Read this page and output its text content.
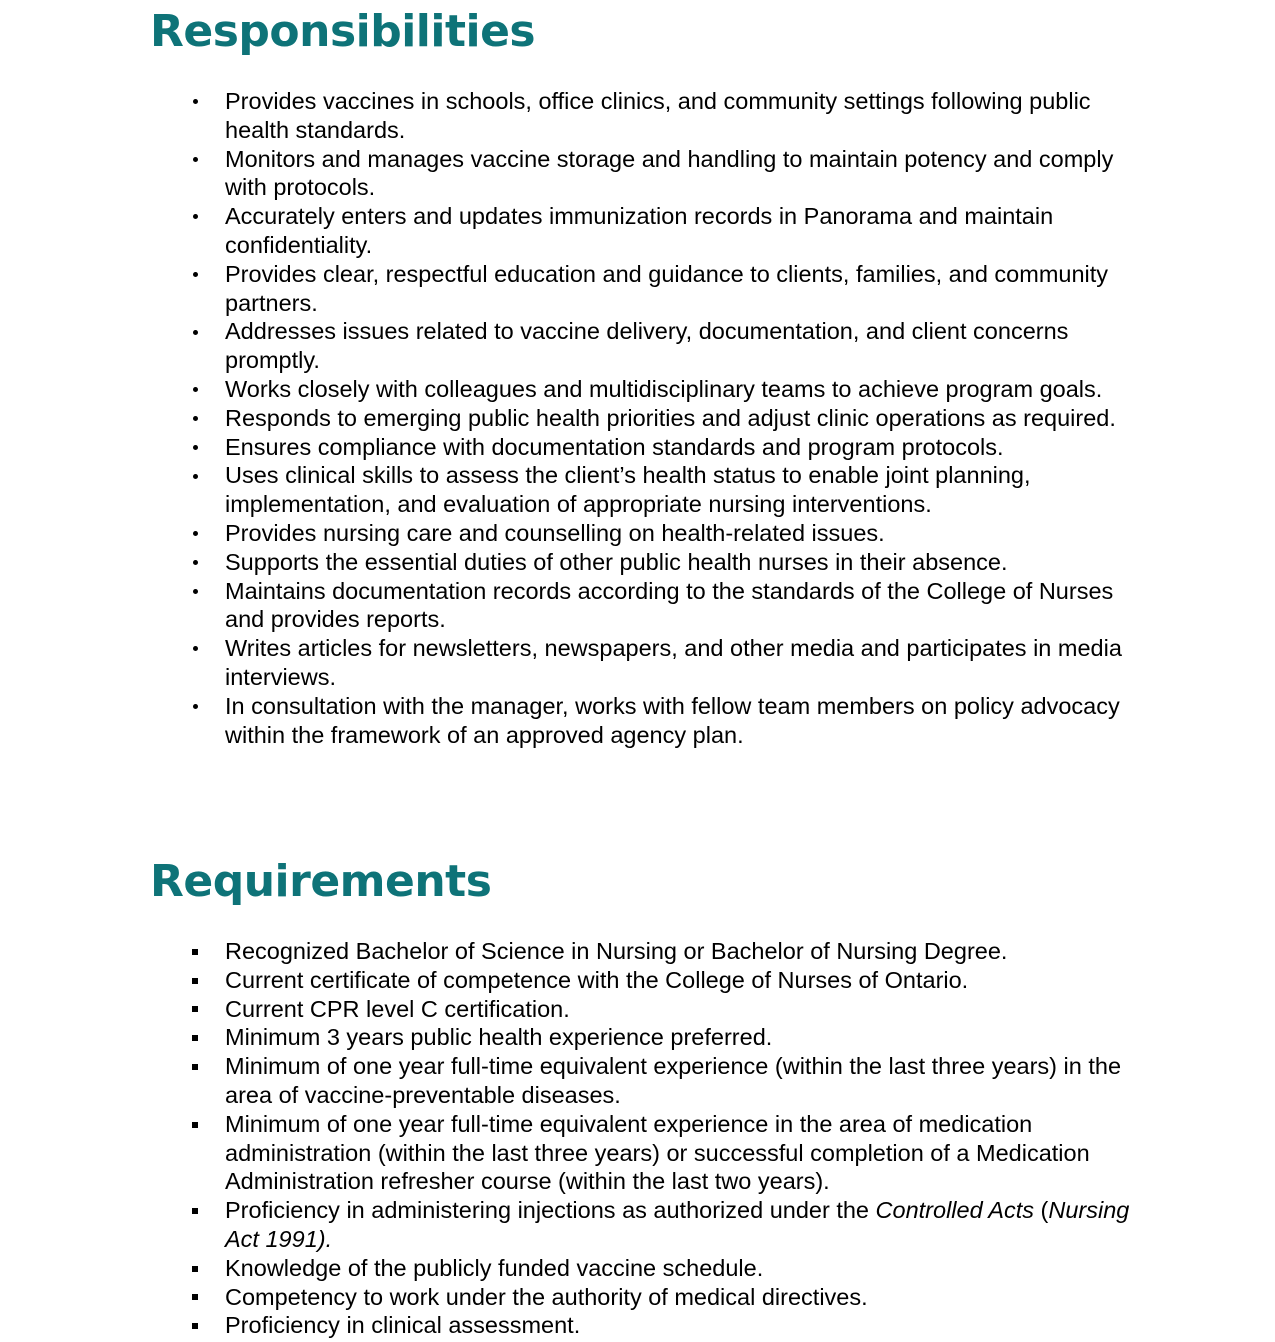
Responsibilities
Provides vaccines in schools, office clinics, and community settings following public health standards.
Monitors and manages vaccine storage and handling to maintain potency and comply with protocols.
Accurately enters and updates immunization records in Panorama and maintain confidentiality.
Provides clear, respectful education and guidance to clients, families, and community partners.
Addresses issues related to vaccine delivery, documentation, and client concerns promptly.
Works closely with colleagues and multidisciplinary teams to achieve program goals.
Responds to emerging public health priorities and adjust clinic operations as required.
Ensures compliance with documentation standards and program protocols.
Uses clinical skills to assess the client’s health status to enable joint planning, implementation, and evaluation of appropriate nursing interventions.
Provides nursing care and counselling on health-related issues.
Supports the essential duties of other public health nurses in their absence.
Maintains documentation records according to the standards of the College of Nurses and provides reports.
Writes articles for newsletters, newspapers, and other media and participates in media interviews.
In consultation with the manager, works with fellow team members on policy advocacy within the framework of an approved agency plan.
Requirements
Recognized Bachelor of Science in Nursing or Bachelor of Nursing Degree.
Current certificate of competence with the College of Nurses of Ontario.
Current CPR level C certification.
Minimum 3 years public health experience preferred.
Minimum of one year full-time equivalent experience (within the last three years) in the area of vaccine-preventable diseases.
Minimum of one year full-time equivalent experience in the area of medication administration (within the last three years) or successful completion of a Medication Administration refresher course (within the last two years).
Proficiency in administering injections as authorized under the Controlled Acts (Nursing Act 1991).
Knowledge of the publicly funded vaccine schedule.
Competency to work under the authority of medical directives.
Proficiency in clinical assessment.
